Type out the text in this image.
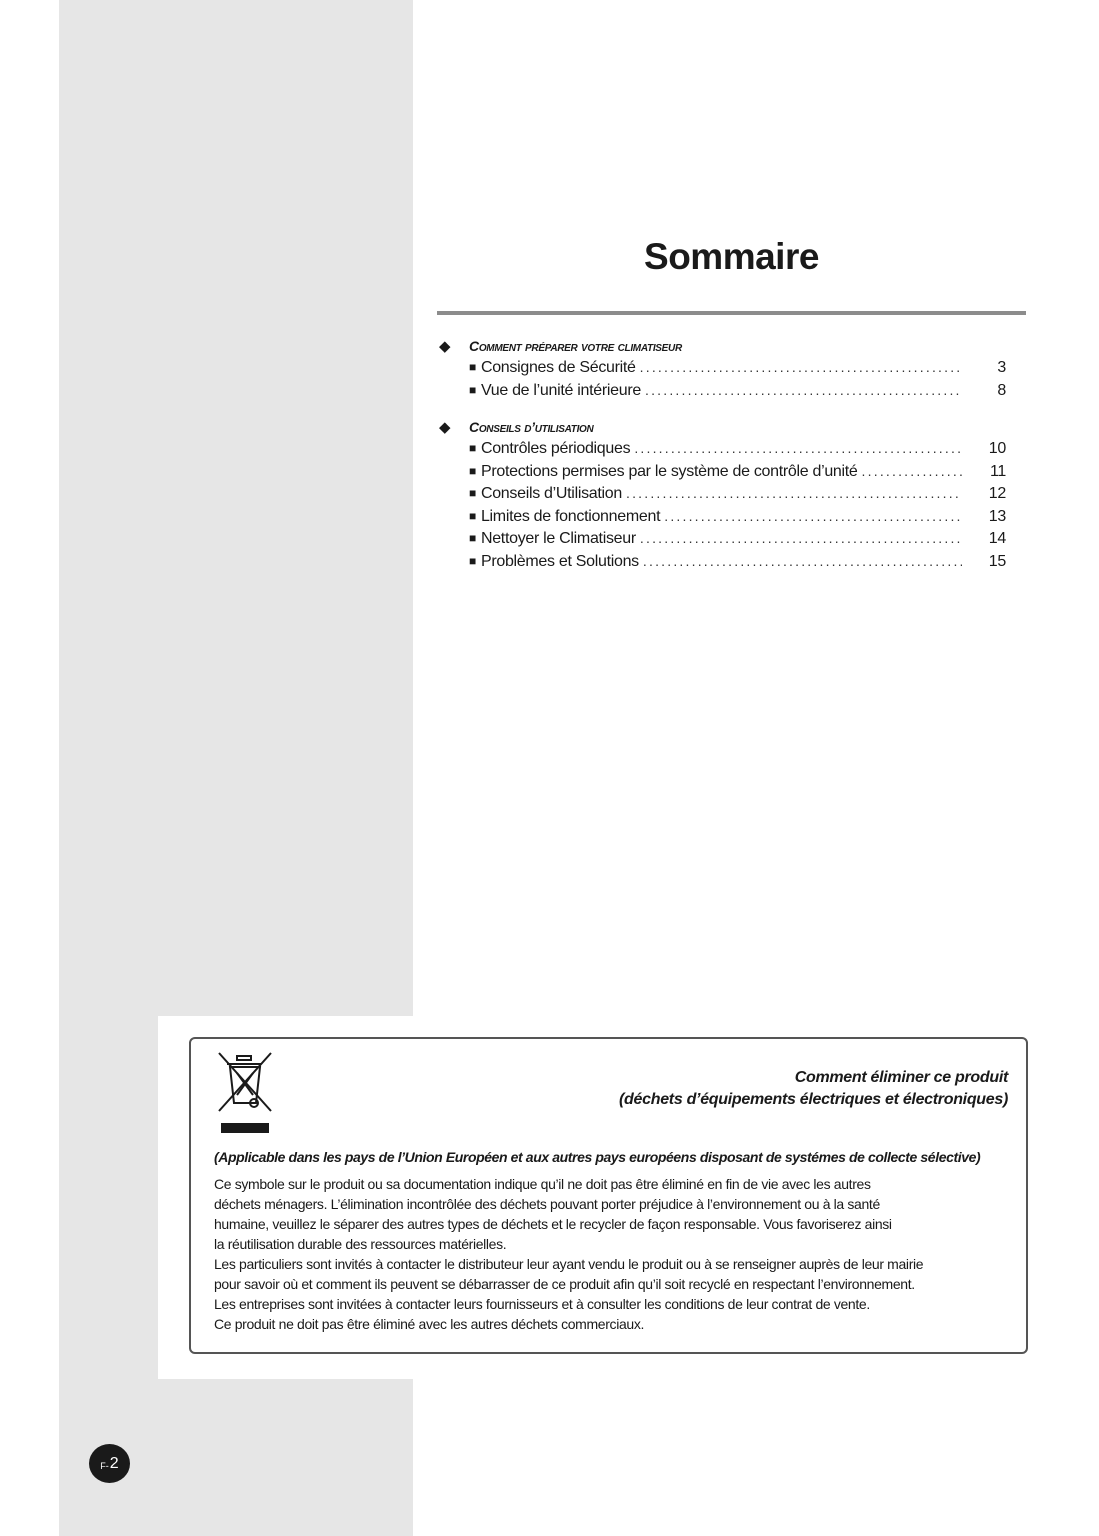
Sommaire
◆ comment préparer votre climatiseur
■ Consignes de Sécurité .....	3
■ Vue de l’unité intérieure .....	8
◆ conseils d’utilisation
■ Contrôles périodiques .....	10
■ Protections permises par le système de contrôle d’unité .....	11
■ Conseils d’Utilisation .....	12
■ Limites de fonctionnement .....	13
■ Nettoyer le Climatiseur .....	14
■ Problèmes et Solutions .....	15
Comment éliminer ce produit
(déchets d’équipements électriques et électroniques)
(Applicable dans les pays de l’Union Européen et aux autres pays européens disposant de systémes de collecte sélective)
Ce symbole sur le produit ou sa documentation indique qu’il ne doit pas être éliminé en fin de vie avec les autres
déchets ménagers. L’élimination incontrôlée des déchets pouvant porter préjudice à l’environnement ou à la santé
humaine, veuillez le séparer des autres types de déchets et le recycler de façon responsable. Vous favoriserez ainsi
la réutilisation durable des ressources matérielles.
Les particuliers sont invités à contacter le distributeur leur ayant vendu le produit ou à se renseigner auprès de leur mairie
pour savoir où et comment ils peuvent se débarrasser de ce produit afin qu’il soit recyclé en respectant l’environnement.
Les entreprises sont invitées à contacter leurs fournisseurs et à consulter les conditions de leur contrat de vente.
Ce produit ne doit pas être éliminé avec les autres déchets commerciaux.
F- 2
